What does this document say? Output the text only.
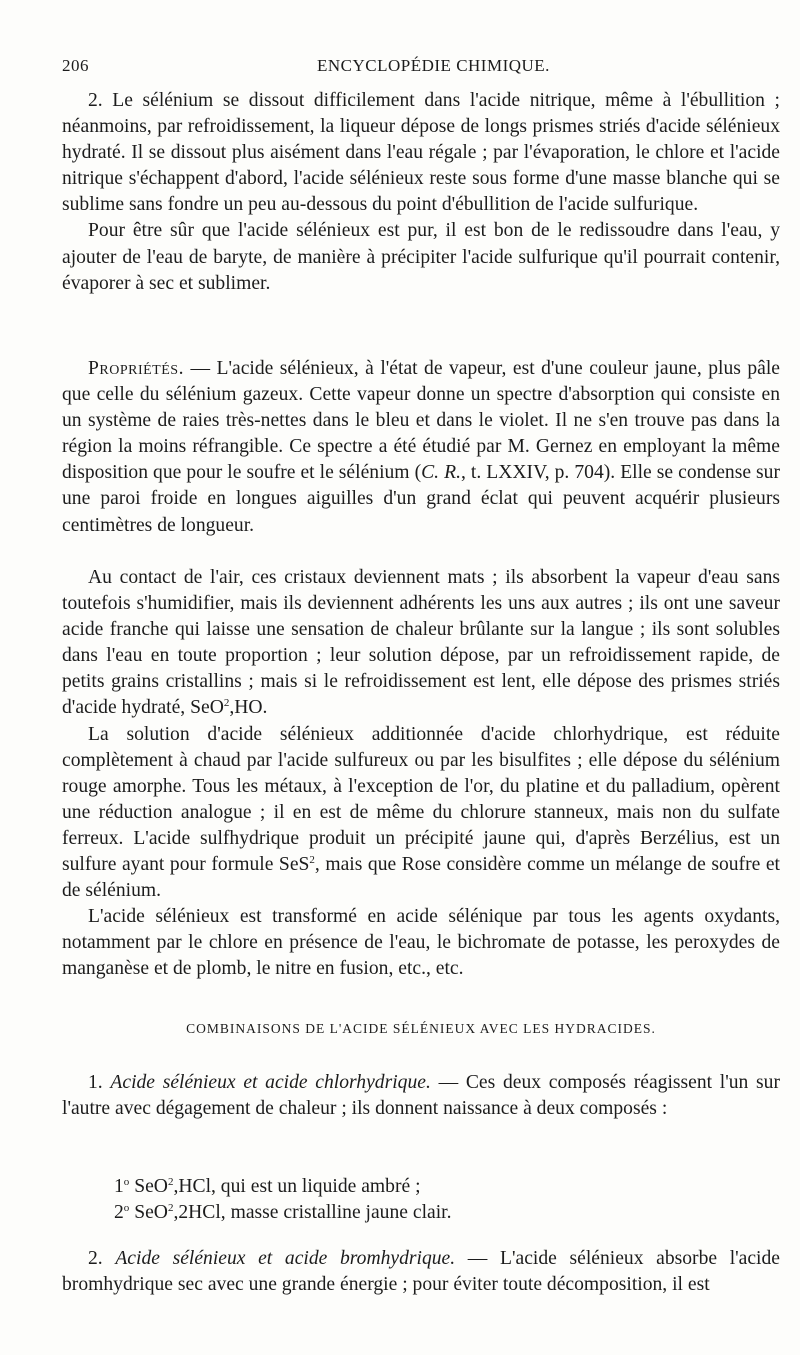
206	ENCYCLOPÉDIE CHIMIQUE.

2. Le sélénium se dissout difficilement dans l'acide nitrique, même à l'ébullition ; néanmoins, par refroidissement, la liqueur dépose de longs prismes striés d'acide sélénieux hydraté. Il se dissout plus aisément dans l'eau régale ; par l'évaporation, le chlore et l'acide nitrique s'échappent d'abord, l'acide sélénieux reste sous forme d'une masse blanche qui se sublime sans fondre un peu au-dessous du point d'ébullition de l'acide sulfurique.

Pour être sûr que l'acide sélénieux est pur, il est bon de le redissoudre dans l'eau, y ajouter de l'eau de baryte, de manière à précipiter l'acide sulfurique qu'il pourrait contenir, évaporer à sec et sublimer.

Propriétés. — L'acide sélénieux, à l'état de vapeur, est d'une couleur jaune, plus pâle que celle du sélénium gazeux. Cette vapeur donne un spectre d'absorption qui consiste en un système de raies très-nettes dans le bleu et dans le violet. Il ne s'en trouve pas dans la région la moins réfrangible. Ce spectre a été étudié par M. Gernez en employant la même disposition que pour le soufre et le sélénium (C. R., t. LXXIV, p. 704). Elle se condense sur une paroi froide en longues aiguilles d'un grand éclat qui peuvent acquérir plusieurs centimètres de longueur.

Au contact de l'air, ces cristaux deviennent mats ; ils absorbent la vapeur d'eau sans toutefois s'humidifier, mais ils deviennent adhérents les uns aux autres ; ils ont une saveur acide franche qui laisse une sensation de chaleur brûlante sur la langue ; ils sont solubles dans l'eau en toute proportion ; leur solution dépose, par un refroidissement rapide, de petits grains cristallins ; mais si le refroidissement est lent, elle dépose des prismes striés d'acide hydraté, SeO$^2$,HO.

La solution d'acide sélénieux additionnée d'acide chlorhydrique, est réduite complètement à chaud par l'acide sulfureux ou par les bisulfites ; elle dépose du sélénium rouge amorphe. Tous les métaux, à l'exception de l'or, du platine et du palladium, opèrent une réduction analogue ; il en est de même du chlorure stanneux, mais non du sulfate ferreux. L'acide sulfhydrique produit un précipité jaune qui, d'après Berzélius, est un sulfure ayant pour formule SeS$^2$, mais que Rose considère comme un mélange de soufre et de sélénium.

L'acide sélénieux est transformé en acide sélénique par tous les agents oxydants, notamment par le chlore en présence de l'eau, le bichromate de potasse, les peroxydes de manganèse et de plomb, le nitre en fusion, etc., etc.

COMBINAISONS DE L'ACIDE SÉLÉNIEUX AVEC LES HYDRACIDES.

1. Acide sélénieux et acide chlorhydrique. — Ces deux composés réagissent l'un sur l'autre avec dégagement de chaleur ; ils donnent naissance à deux composés :

1$^o$ SeO$^2$,HCl, qui est un liquide ambré ;

2$^o$ SeO$^2$,2HCl, masse cristalline jaune clair.

2. Acide sélénieux et acide bromhydrique. — L'acide sélénieux absorbe l'acide bromhydrique sec avec une grande énergie ; pour éviter toute décomposition, il est
